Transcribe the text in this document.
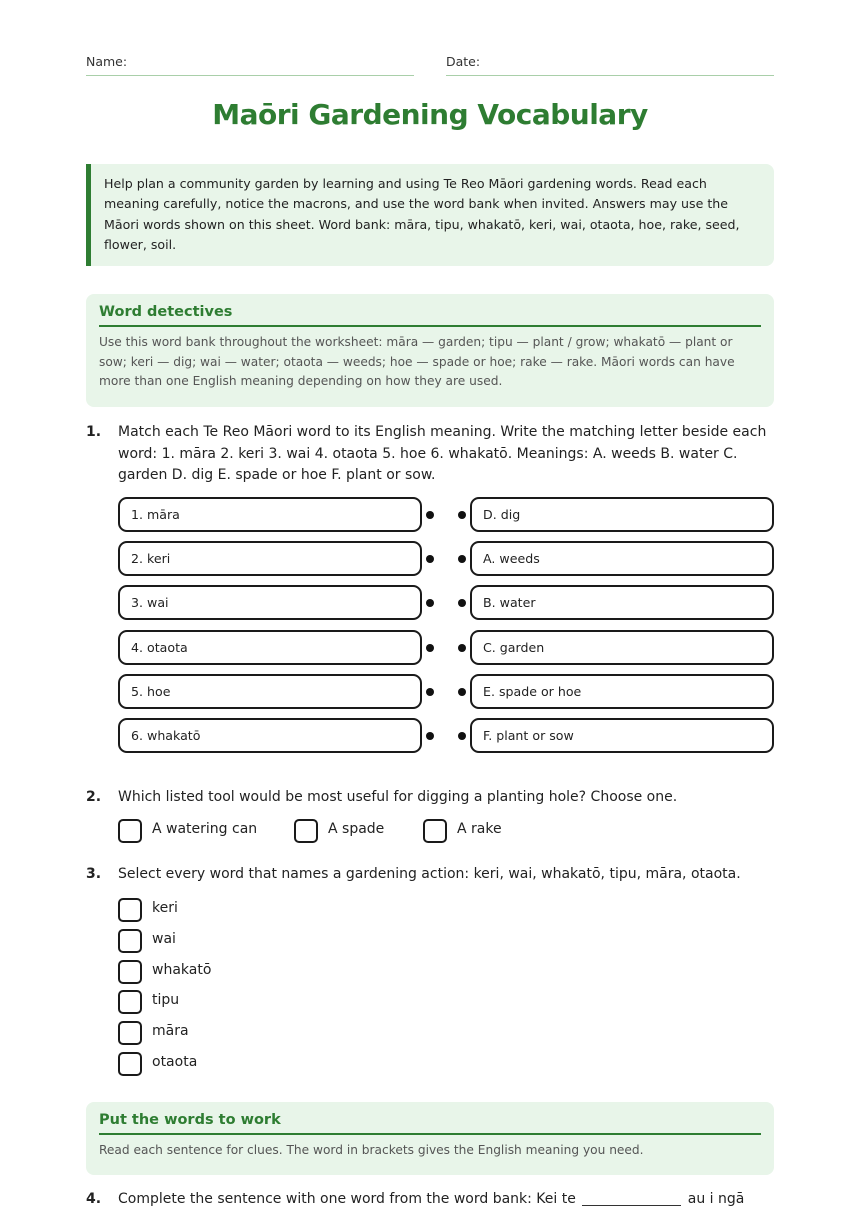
Name:	Date:
Maōri Gardening Vocabulary
Help plan a community garden by learning and using Te Reo Māori gardening words. Read each meaning carefully, notice the macrons, and use the word bank when invited. Answers may use the Māori words shown on this sheet. Word bank: māra, tipu, whakatō, keri, wai, otaota, hoe, rake, seed, flower, soil.
Word detectives

Use this word bank throughout the worksheet: māra — garden; tipu — plant / grow; whakatō — plant or sow; keri — dig; wai — water; otaota — weeds; hoe — spade or hoe; rake — rake. Māori words can have more than one English meaning depending on how they are used.

1. Match each Te Reo Māori word to its English meaning. Write the matching letter beside each word: 1. māra 2. keri 3. wai 4. otaota 5. hoe 6. whakatō. Meanings: A. weeds B. water C. garden D. dig E. spade or hoe F. plant or sow.
1. māra	D. dig
2. keri	A. weeds
3. wai	B. water
4. otaota	C. garden
5. hoe	E. spade or hoe
6. whakatō	F. plant or sow
2. Which listed tool would be most useful for digging a planting hole? Choose one.
A watering can	A spade	A rake
3. Select every word that names a gardening action: keri, wai, whakatō, tipu, māra, otaota.
keri
wai
whakatō
tipu
māra
otaota
Put the words to work

Read each sentence for clues. The word in brackets gives the English meaning you need.

4. Complete the sentence with one word from the word bank: Kei te	au i ngā
